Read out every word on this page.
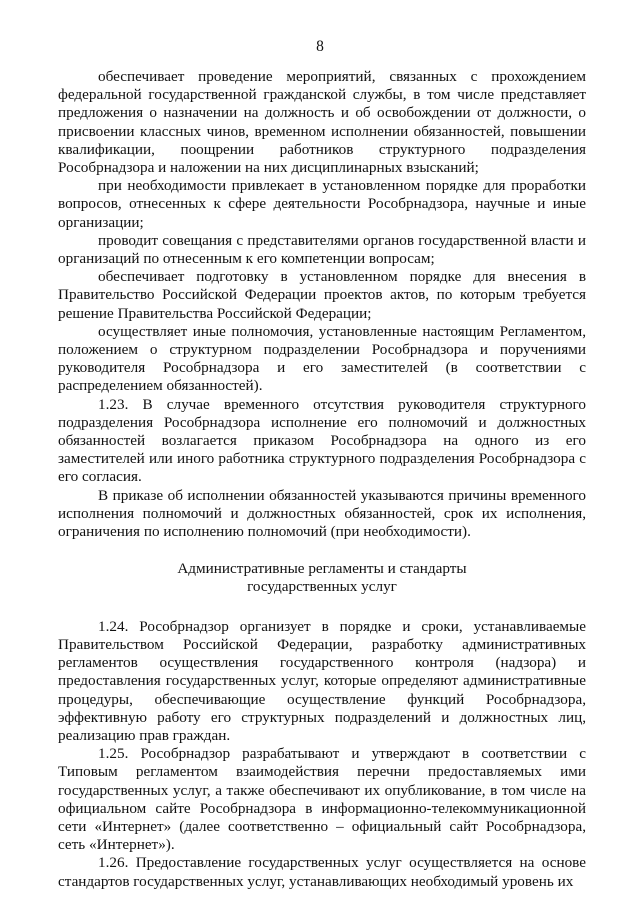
8

обеспечивает проведение мероприятий, связанных с прохождением федеральной государственной гражданской службы, в том числе представляет предложения о назначении на должность и об освобождении от должности, о присвоении классных чинов, временном исполнении обязанностей, повышении квалификации, поощрении работников структурного подразделения Рособрнадзора и наложении на них дисциплинарных взысканий;

при необходимости привлекает в установленном порядке для проработки вопросов, отнесенных к сфере деятельности Рособрнадзора, научные и иные организации;

проводит совещания с представителями органов государственной власти и организаций по отнесенным к его компетенции вопросам;

обеспечивает подготовку в установленном порядке для внесения в Правительство Российской Федерации проектов актов, по которым требуется решение Правительства Российской Федерации;

осуществляет иные полномочия, установленные настоящим Регламентом, положением о структурном подразделении Рособрнадзора и поручениями руководителя Рособрнадзора и его заместителей (в соответствии с распределением обязанностей).

1.23. В случае временного отсутствия руководителя структурного подразделения Рособрнадзора исполнение его полномочий и должностных обязанностей возлагается приказом Рособрнадзора на одного из его заместителей или иного работника структурного подразделения Рособрнадзора с его согласия.

В приказе об исполнении обязанностей указываются причины временного исполнения полномочий и должностных обязанностей, срок их исполнения, ограничения по исполнению полномочий (при необходимости).

Административные регламенты и стандарты
государственных услуг

1.24. Рособрнадзор организует в порядке и сроки, устанавливаемые Правительством Российской Федерации, разработку административных регламентов осуществления государственного контроля (надзора) и предоставления государственных услуг, которые определяют административные процедуры, обеспечивающие осуществление функций Рособрнадзора, эффективную работу его структурных подразделений и должностных лиц, реализацию прав граждан.

1.25. Рособрнадзор разрабатывают и утверждают в соответствии с Типовым регламентом взаимодействия перечни предоставляемых ими государственных услуг, а также обеспечивают их опубликование, в том числе на официальном сайте Рособрнадзора в информационно-телекоммуникационной сети «Интернет» (далее соответственно – официальный сайт Рособрнадзора, сеть «Интернет»).

1.26. Предоставление государственных услуг осуществляется на основе стандартов государственных услуг, устанавливающих необходимый уровень их
